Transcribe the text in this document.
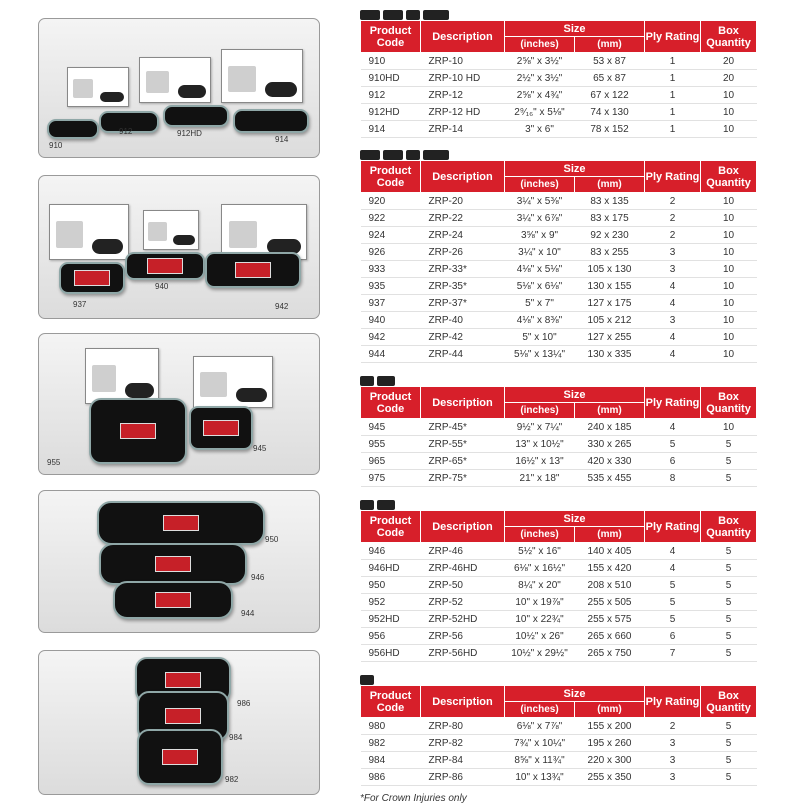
910
912	912HD
914
937
940
942
955
945
950
946
944
986
984
982
Product Code	Description	Size		Ply Rating	Box Quantity
		(inches)	(mm)		
910	ZRP-10	2⅝" x 3½"	53 x 87	1	20
910HD	ZRP-10 HD	2½" x 3½"	65 x 87	1	20
912	ZRP-12	2⅝" x 4¾"	67 x 122	1	10
912HD	ZRP-12 HD	2⁹⁄₁₆" x 5⅛"	74 x 130	1	10
914	ZRP-14	3" x 6"	78 x 152	1	10
Product Code	Description	Size		Ply Rating	Box Quantity
		(inches)	(mm)		
920	ZRP-20	3¼" x 5⅜"	83 x 135	2	10
922	ZRP-22	3¼" x 6⅞"	83 x 175	2	10
924	ZRP-24	3⅝" x 9"	92 x 230	2	10
926	ZRP-26	3¼" x 10"	83 x 255	3	10
933	ZRP-33*	4⅛" x 5⅛"	105 x 130	3	10
935	ZRP-35*	5⅛" x 6⅛"	130 x 155	4	10
937	ZRP-37*	5" x 7"	127 x 175	4	10
940	ZRP-40	4⅛" x 8⅜"	105 x 212	3	10
942	ZRP-42	5" x 10"	127 x 255	4	10
944	ZRP-44	5⅛" x 13¼"	130 x 335	4	10
Product Code	Description	Size		Ply Rating	Box Quantity
		(inches)	(mm)		
945	ZRP-45*	9½" x 7¼"	240 x 185	4	10
955	ZRP-55*	13" x 10½"	330 x 265	5	5
965	ZRP-65*	16½" x 13"	420 x 330	6	5
975	ZRP-75*	21" x 18"	535 x 455	8	5
Product Code	Description	Size		Ply Rating	Box Quantity
		(inches)	(mm)		
946	ZRP-46	5½" x 16"	140 x 405	4	5
946HD	ZRP-46HD	6⅛" x 16½"	155 x 420	4	5
950	ZRP-50	8¼" x 20"	208 x 510	5	5
952	ZRP-52	10" x 19⅞"	255 x 505	5	5
952HD	ZRP-52HD	10" x 22¾"	255 x 575	5	5
956	ZRP-56	10½" x 26"	265 x 660	6	5
956HD	ZRP-56HD	10½" x 29½"	265 x 750	7	5
Product Code	Description	Size		Ply Rating	Box Quantity
		(inches)	(mm)		
980	ZRP-80	6⅛" x 7⅞"	155 x 200	2	5
982	ZRP-82	7¾" x 10¼"	195 x 260	3	5
984	ZRP-84	8⅝" x 11¾"	220 x 300	3	5
986	ZRP-86	10" x 13¾"	255 x 350	3	5
*For Crown Injuries only
